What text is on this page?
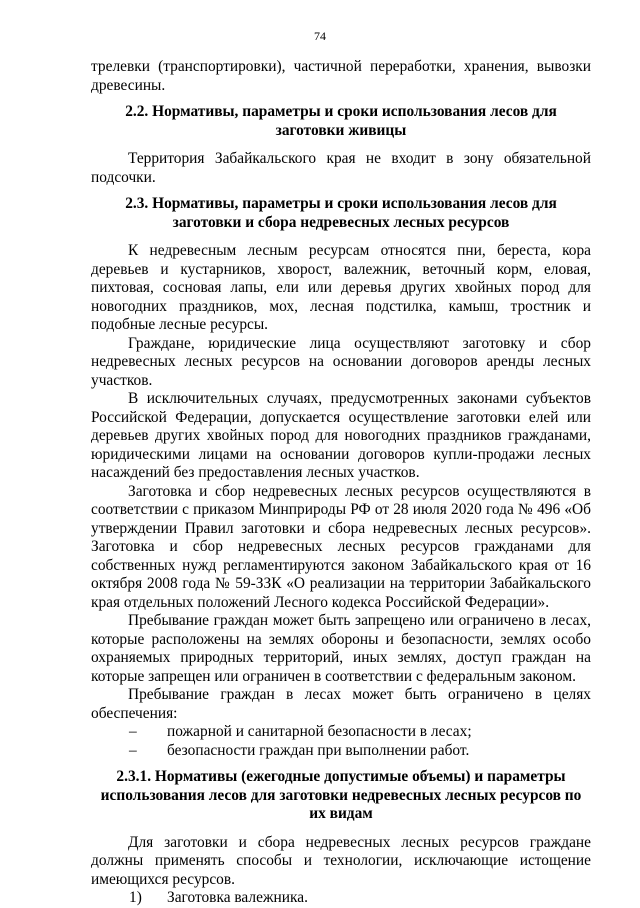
74

трелевки (транспортировки), частичной переработки, хранения, вывозки древесины.

2.2. Нормативы, параметры и сроки использования лесов для заготовки живицы

Территория Забайкальского края не входит в зону обязательной подсочки.

2.3. Нормативы, параметры и сроки использования лесов для заготовки и сбора недревесных лесных ресурсов

К недревесным лесным ресурсам относятся пни, береста, кора деревьев и кустарников, хворост, валежник, веточный корм, еловая, пихтовая, сосновая лапы, ели или деревья других хвойных пород для новогодних праздников, мох, лесная подстилка, камыш, тростник и подобные лесные ресурсы.

Граждане, юридические лица осуществляют заготовку и сбор недревесных лесных ресурсов на основании договоров аренды лесных участков.

В исключительных случаях, предусмотренных законами субъектов Российской Федерации, допускается осуществление заготовки елей или деревьев других хвойных пород для новогодних праздников гражданами, юридическими лицами на основании договоров купли-продажи лесных насаждений без предоставления лесных участков.

Заготовка и сбор недревесных лесных ресурсов осуществляются в соответствии с приказом Минприроды РФ от 28 июля 2020 года № 496 «Об утверждении Правил заготовки и сбора недревесных лесных ресурсов». Заготовка и сбор недревесных лесных ресурсов гражданами для собственных нужд регламентируются законом Забайкальского края от 16 октября 2008 года № 59-ЗЗК «О реализации на территории Забайкальского края отдельных положений Лесного кодекса Российской Федерации».

Пребывание граждан может быть запрещено или ограничено в лесах, которые расположены на землях обороны и безопасности, землях особо охраняемых природных территорий, иных землях, доступ граждан на которые запрещен или ограничен в соответствии с федеральным законом.

Пребывание граждан в лесах может быть ограничено в целях обеспечения:

– пожарной и санитарной безопасности в лесах;
– безопасности граждан при выполнении работ.
2.3.1. Нормативы (ежегодные допустимые объемы) и параметры использования лесов для заготовки недревесных лесных ресурсов по их видам

Для заготовки и сбора недревесных лесных ресурсов граждане должны применять способы и технологии, исключающие истощение имеющихся ресурсов.

1) Заготовка валежника.
